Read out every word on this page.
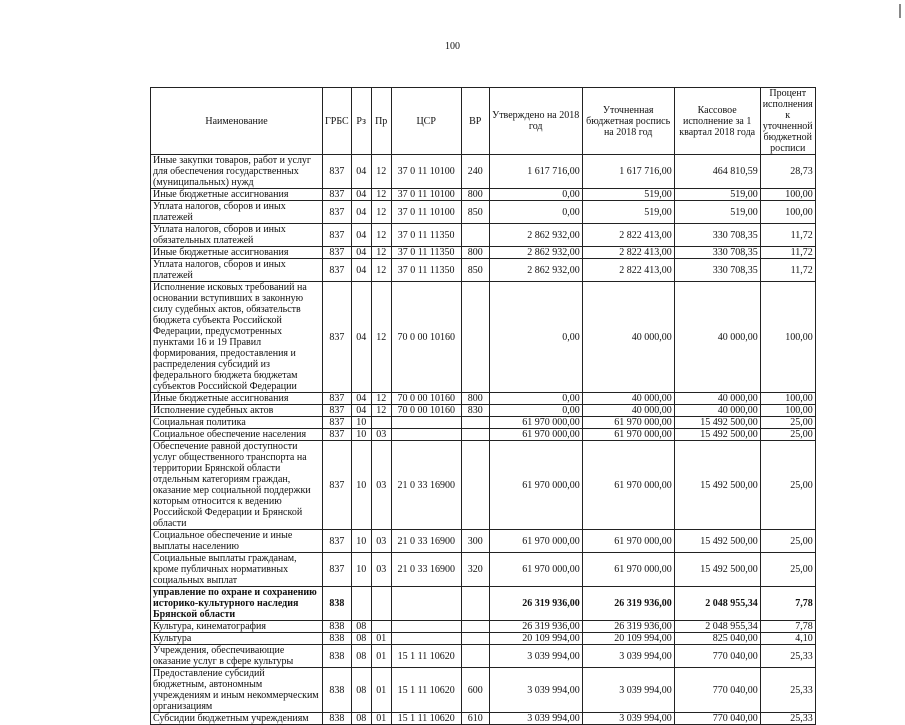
100
Наименование	ГРБС	Рз	Пр	ЦСР	ВР	Утверждено на 2018 год	Уточненная бюджетная роспись на 2018 год	Кассовое исполнение за 1 квартал 2018 года	Процент исполнения к уточненной бюджетной росписи
Иные закупки товаров, работ и услуг для обеспечения государственных (муниципальных) нужд	837	04	12	37 0 11 10100	240	1 617 716,00	1 617 716,00	464 810,59	28,73
Иные бюджетные ассигнования	837	04	12	37 0 11 10100	800	0,00	519,00	519,00	100,00
Уплата налогов, сборов и иных платежей	837	04	12	37 0 11 10100	850	0,00	519,00	519,00	100,00
Уплата налогов, сборов и иных обязательных платежей	837	04	12	37 0 11 11350		2 862 932,00	2 822 413,00	330 708,35	11,72
Иные бюджетные ассигнования	837	04	12	37 0 11 11350	800	2 862 932,00	2 822 413,00	330 708,35	11,72
Уплата налогов, сборов и иных платежей	837	04	12	37 0 11 11350	850	2 862 932,00	2 822 413,00	330 708,35	11,72
Исполнение исковых требований на основании вступивших в законную силу судебных актов, обязательств бюджета субъекта Российской Федерации, предусмотренных пунктами 16 и 19 Правил формирования, предоставления и распределения субсидий из федерального бюджета бюджетам субъектов Российской Федерации	837	04	12	70 0 00 10160		0,00	40 000,00	40 000,00	100,00
Иные бюджетные ассигнования	837	04	12	70 0 00 10160	800	0,00	40 000,00	40 000,00	100,00
Исполнение судебных актов	837	04	12	70 0 00 10160	830	0,00	40 000,00	40 000,00	100,00
Социальная политика	837	10				61 970 000,00	61 970 000,00	15 492 500,00	25,00
Социальное обеспечение населения	837	10	03			61 970 000,00	61 970 000,00	15 492 500,00	25,00
Обеспечение равной доступности услуг общественного транспорта на территории Брянской области отдельным категориям граждан, оказание мер социальной поддержки которым относится к ведению Российской Федерации и Брянской области	837	10	03	21 0 33 16900		61 970 000,00	61 970 000,00	15 492 500,00	25,00
Социальное обеспечение и иные выплаты населению	837	10	03	21 0 33 16900	300	61 970 000,00	61 970 000,00	15 492 500,00	25,00
Социальные выплаты гражданам, кроме публичных нормативных социальных выплат	837	10	03	21 0 33 16900	320	61 970 000,00	61 970 000,00	15 492 500,00	25,00
управление по охране и сохранению историко-культурного наследия Брянской области	838					26 319 936,00	26 319 936,00	2 048 955,34	7,78
Культура, кинематография	838	08				26 319 936,00	26 319 936,00	2 048 955,34	7,78
Культура	838	08	01			20 109 994,00	20 109 994,00	825 040,00	4,10
Учреждения, обеспечивающие оказание услуг в сфере культуры	838	08	01	15 1 11 10620		3 039 994,00	3 039 994,00	770 040,00	25,33
Предоставление субсидий бюджетным, автономным учреждениям и иным некоммерческим организациям	838	08	01	15 1 11 10620	600	3 039 994,00	3 039 994,00	770 040,00	25,33
Субсидии бюджетным учреждениям	838	08	01	15 1 11 10620	610	3 039 994,00	3 039 994,00	770 040,00	25,33
